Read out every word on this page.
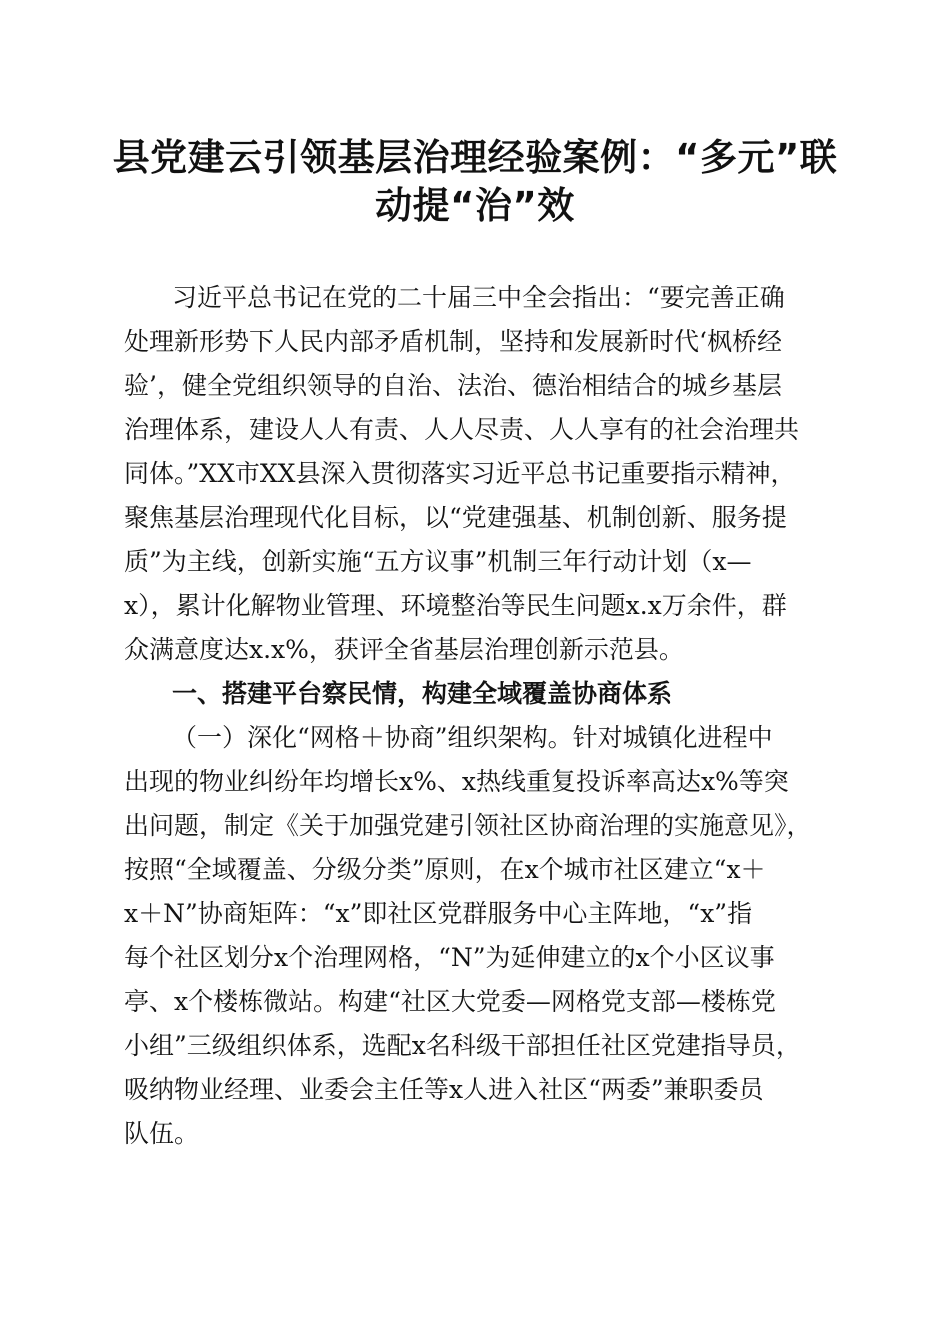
县党建云引领基层治理经验案例：“多元”联
动提“治”效
习近平总书记在党的二十届三中全会指出：“要完善正确
处理新形势下人民内部矛盾机制，坚持和发展新时代‘枫桥经
验’，健全党组织领导的自治、法治、德治相结合的城乡基层
治理体系，建设人人有责、人人尽责、人人享有的社会治理共
同体。”XX市XX县深入贯彻落实习近平总书记重要指示精神，
聚焦基层治理现代化目标，以“党建强基、机制创新、服务提
质”为主线，创新实施“五方议事”机制三年行动计划（x—
x），累计化解物业管理、环境整治等民生问题x.x万余件，群
众满意度达x.x%，获评全省基层治理创新示范县。
一、搭建平台察民情，构建全域覆盖协商体系
（一）深化“网格＋协商”组织架构。针对城镇化进程中
出现的物业纠纷年均增长x%、x热线重复投诉率高达x%等突
出问题，制定《关于加强党建引领社区协商治理的实施意见》，
按照“全域覆盖、分级分类”原则，在x个城市社区建立“x＋
x＋N”协商矩阵：“x”即社区党群服务中心主阵地，“x”指
每个社区划分x个治理网格，“N”为延伸建立的x个小区议事
亭、x个楼栋微站。构建“社区大党委—网格党支部—楼栋党
小组”三级组织体系，选配x名科级干部担任社区党建指导员，
吸纳物业经理、业委会主任等x人进入社区“两委”兼职委员
队伍。
